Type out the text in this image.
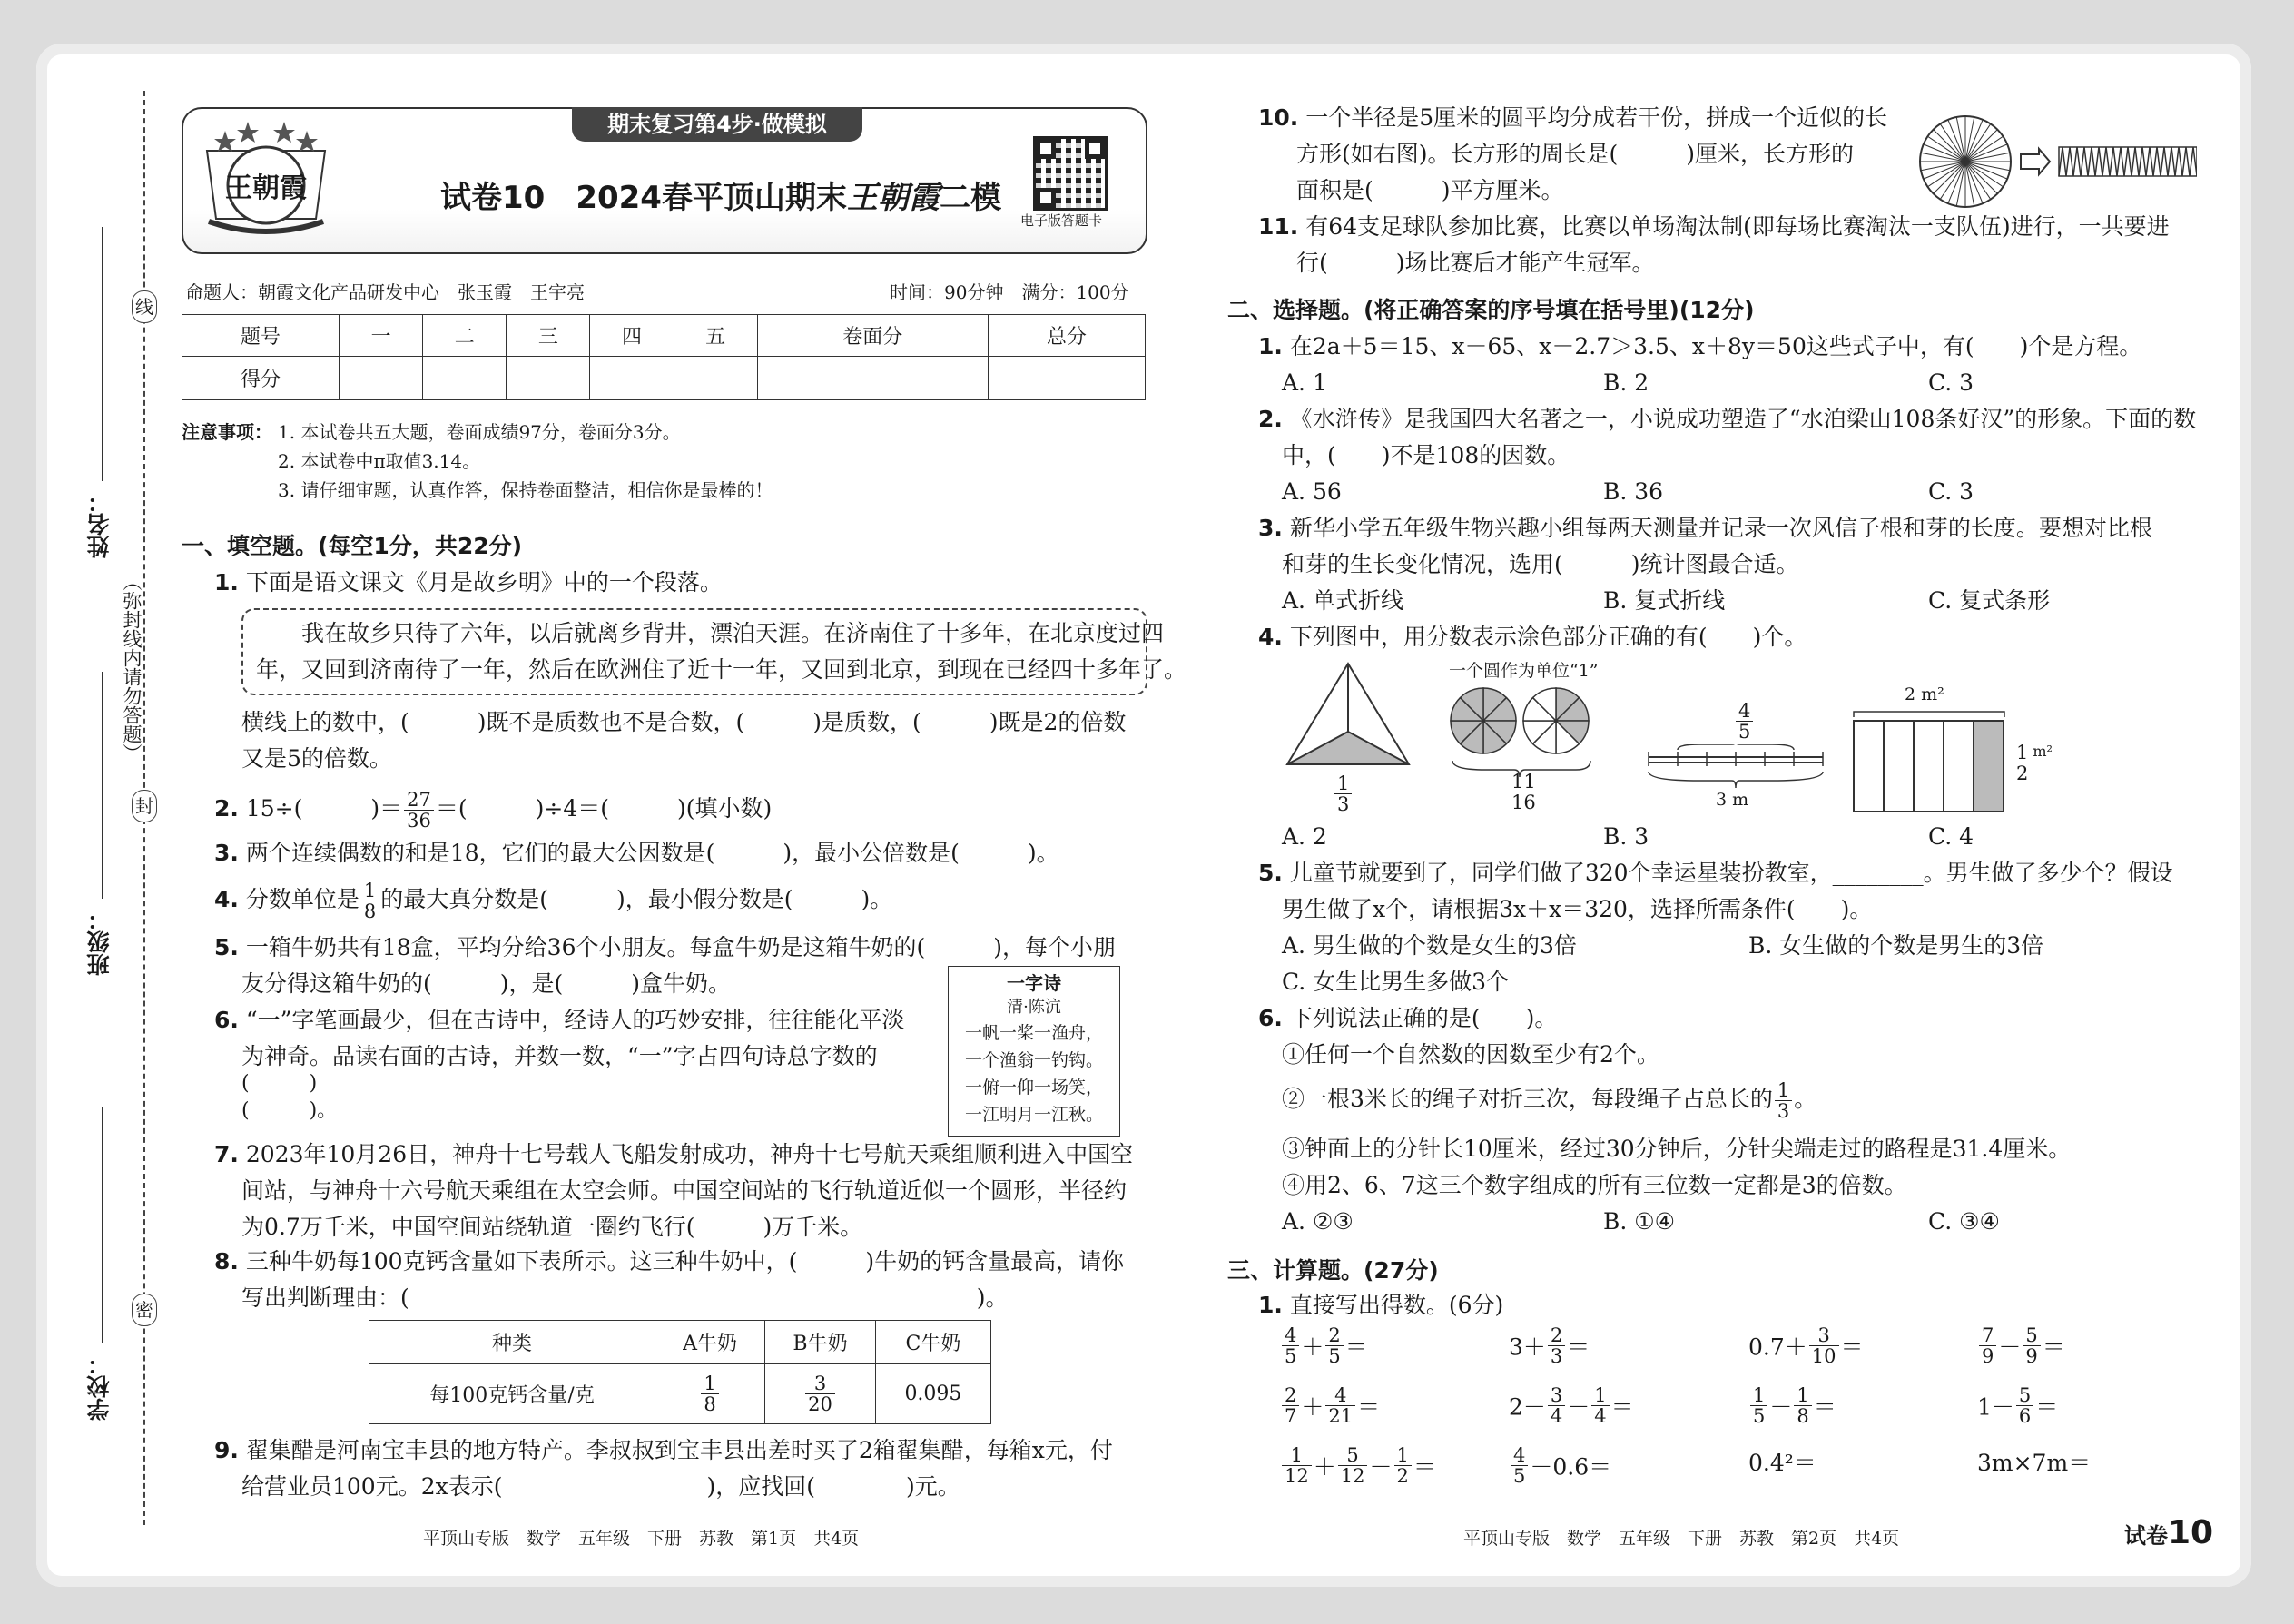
线
封
密
（弥封线内请勿答题）
姓名：
班级：
学校：
王朝霞
期末复习第4步·做模拟
试卷10　2024春平顶山期末王朝霞二模
电子版答题卡
命题人：朝霞文化产品研发中心　张玉霞　王宇亮	时间：90分钟　满分：100分
题号	一	二	三	四	五	卷面分	总分
得分							
注意事项： 1. 本试卷共五大题，卷面成绩97分，卷面分3分。
2. 本试卷中π取值3.14。
3. 请仔细审题，认真作答，保持卷面整洁，相信你是最棒的！
一、填空题。(每空1分，共22分)
1. 下面是语文课文《月是故乡明》中的一个段落。
我在故乡只待了六年，以后就离乡背井，漂泊天涯。在济南住了十多年，在北京度过四
年，又回到济南待了一年，然后在欧洲住了近十一年，又回到北京，到现在已经四十多年了。
横线上的数中，(　　　)既不是质数也不是合数，(　　　)是质数，(　　　)既是2的倍数
又是5的倍数。
2. 15÷(　　　)＝ $\frac{27}{36}$ ＝(　　　)÷4＝(　　　)(填小数)
3. 两个连续偶数的和是18，它们的最大公因数是(　　　)，最小公倍数是(　　　)。
4. 分数单位是 $\frac{1}{8}$ 的最大真分数是(　　　)，最小假分数是(　　　)。
5. 一箱牛奶共有18盒，平均分给36个小朋友。每盒牛奶是这箱牛奶的(　　　)，每个小朋
友分得这箱牛奶的(　　　)，是(　　　)盒牛奶。
6. “一”字笔画最少，但在古诗中，经诗人的巧妙安排，往往能化平淡
为神奇。品读右面的古诗，并数一数，“一”字占四句诗总字数的
(　　　)
(　　　)。
一字诗
清·陈沆
一帆一桨一渔舟，
一个渔翁一钓钩。
一俯一仰一场笑，
一江明月一江秋。
7. 2023年10月26日，神舟十七号载人飞船发射成功，神舟十七号航天乘组顺利进入中国空
间站，与神舟十六号航天乘组在太空会师。中国空间站的飞行轨道近似一个圆形，半径约
为0.7万千米，中国空间站绕轨道一圈约飞行(　　　)万千米。
8. 三种牛奶每100克钙含量如下表所示。这三种牛奶中，(　　　)牛奶的钙含量最高，请你
写出判断理由：(　　　　　　　　　　　　　　　　　　　　　　　　　)。
种类	A牛奶	B牛奶	C牛奶
每100克钙含量/克	$\frac{1}{8}$	$\frac{3}{20}$	0.095
9. 翟集醋是河南宝丰县的地方特产。李叔叔到宝丰县出差时买了2箱翟集醋，每箱x元，付
给营业员100元。2x表示(　　　　　　　　　)，应找回(　　　　)元。
平顶山专版　数学　五年级　下册　苏教　第1页　共4页
10. 一个半径是5厘米的圆平均分成若干份，拼成一个近似的长
方形(如右图)。长方形的周长是(　　　)厘米，长方形的
面积是(　　　)平方厘米。
11. 有64支足球队参加比赛，比赛以单场淘汰制(即每场比赛淘汰一支队伍)进行，一共要进
行(　　　)场比赛后才能产生冠军。
二、选择题。(将正确答案的序号填在括号里)(12分)
1. 在2a＋5＝15、x－65、x－2.7＞3.5、x＋8y＝50这些式子中，有(　　)个是方程。
A. 1	B. 2	C. 3
2. 《水浒传》是我国四大名著之一，小说成功塑造了“水泊梁山108条好汉”的形象。下面的数
中，(　　)不是108的因数。
A. 56	B. 36	C. 3
3. 新华小学五年级生物兴趣小组每两天测量并记录一次风信子根和芽的长度。要想对比根
和芽的生长变化情况，选用(　　　)统计图最合适。
A. 单式折线	B. 复式折线	C. 复式条形
4. 下列图中，用分数表示涂色部分正确的有(　　)个。
$\frac{1}{3}$
一个圆作为单位“1”
$\frac{11}{16}$
$\frac{4}{5}$
3 m
2 m²
$\frac{1}{2} ^{m^2}$
A. 2	B. 3	C. 4
5. 儿童节就要到了，同学们做了320个幸运星装扮教室，________。男生做了多少个？假设
男生做了x个，请根据3x＋x＝320，选择所需条件(　　)。
A. 男生做的个数是女生的3倍	B. 女生做的个数是男生的3倍
C. 女生比男生多做3个
6. 下列说法正确的是(　　)。
①任何一个自然数的因数至少有2个。
②一根3米长的绳子对折三次，每段绳子占总长的 $\frac{1}{3}$ 。
③钟面上的分针长10厘米，经过30分钟后，分针尖端走过的路程是31.4厘米。
④用2、6、7这三个数字组成的所有三位数一定都是3的倍数。
A. ②③	B. ①④	C. ③④
三、计算题。(27分)
1. 直接写出得数。(6分)
$\frac{4}{5} + \frac{2}{5}$ ＝	$3+ \frac{2}{3}$ ＝	$0.7+ \frac{3}{10}$ ＝	$\frac{7}{9} - \frac{5}{9}$ ＝
$\frac{2}{7} + \frac{4}{21}$ ＝	$2- \frac{3}{4} - \frac{1}{4}$ ＝	$\frac{1}{5} - \frac{1}{8}$ ＝	$1- \frac{5}{6}$ ＝
$\frac{1}{12} + \frac{5}{12} - \frac{1}{2}$ ＝	$\frac{4}{5} -0.6=$	0.4²＝	3m×7m＝
平顶山专版　数学　五年级　下册　苏教　第2页　共4页	试卷10
